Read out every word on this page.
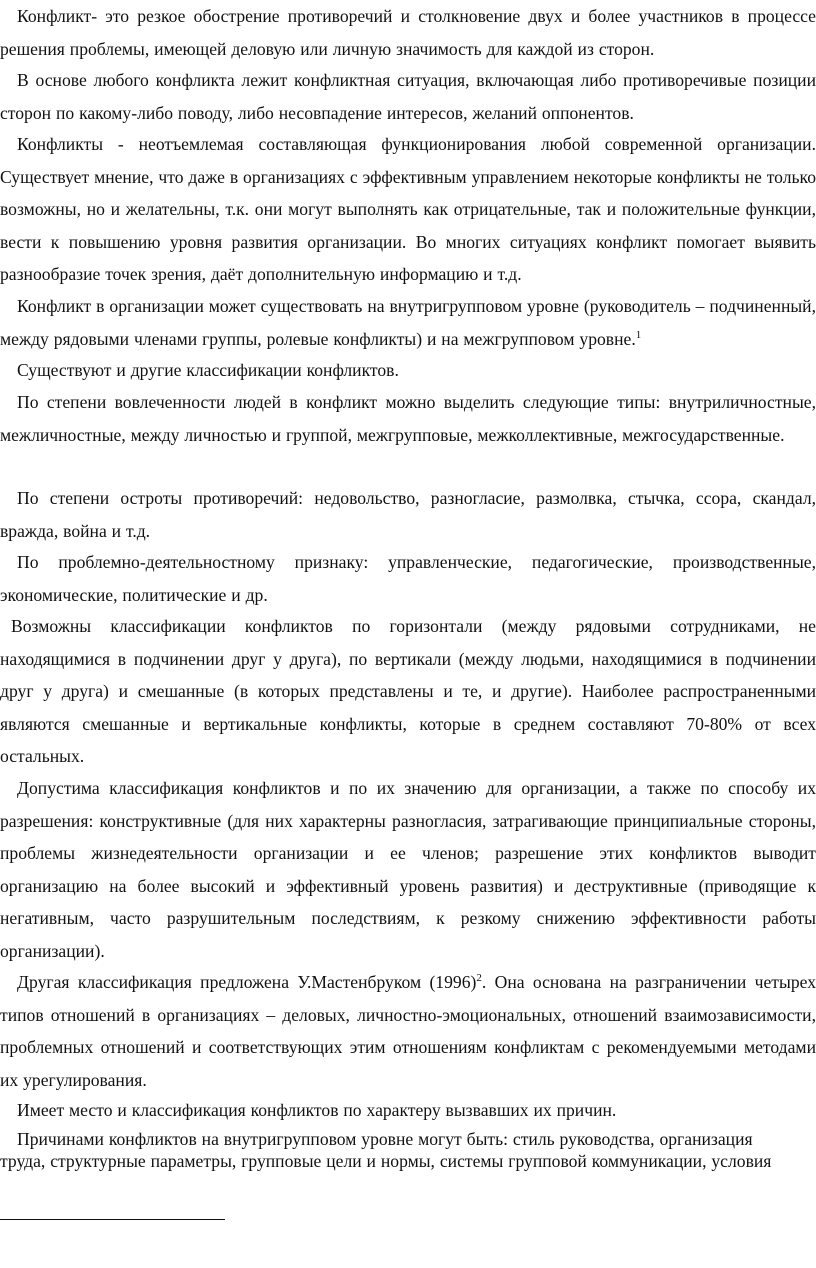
Конфликт- это резкое обострение противоречий и столкновение двух и более участников в процессе решения проблемы, имеющей деловую или личную значимость для каждой из сторон.

В основе любого конфликта лежит конфликтная ситуация, включающая либо противоречивые позиции сторон по какому-либо поводу, либо несовпадение интересов, желаний оппонентов.

Конфликты - неотъемлемая составляющая функционирования любой современной организации. Существует мнение, что даже в организациях с эффективным управлением некоторые конфликты не только возможны, но и желательны, т.к. они могут выполнять как отрицательные, так и положительные функции, вести к повышению уровня развития организации. Во многих ситуациях конфликт помогает выявить разнообразие точек зрения, даёт дополнительную информацию и т.д.

Конфликт в организации может существовать на внутригрупповом уровне (руководитель – подчиненный, между рядовыми членами группы, ролевые конфликты) и на межгрупповом уровне.$^1$

Существуют и другие классификации конфликтов.

По степени вовлеченности людей в конфликт можно выделить следующие типы: внутриличностные, межличностные, между личностью и группой, межгрупповые, межколлективные, межгосударственные.

По степени остроты противоречий: недовольство, разногласие, размолвка, стычка, ссора, скандал, вражда, война и т.д.

По проблемно-деятельностному признаку: управленческие, педагогические, производственные, экономические, политические и др.

Возможны классификации конфликтов по горизонтали (между рядовыми сотрудниками, не находящимися в подчинении друг у друга), по вертикали (между людьми, находящимися в подчинении друг у друга) и смешанные (в которых представлены и те, и другие). Наиболее распространенными являются смешанные и вертикальные конфликты, которые в среднем составляют 70-80% от всех остальных.

Допустима классификация конфликтов и по их значению для организации, а также по способу их разрешения: конструктивные (для них характерны разногласия, затрагивающие принципиальные стороны, проблемы жизнедеятельности организации и ее членов; разрешение этих конфликтов выводит организацию на более высокий и эффективный уровень развития) и деструктивные (приводящие к негативным, часто разрушительным последствиям, к резкому снижению эффективности работы организации).

Другая классификация предложена У.Мастенбруком $(1996)^2$. Она основана на разграничении четырех типов отношений в организациях – деловых, личностно-эмоциональных, отношений взаимозависимости, проблемных отношений и соответствующих этим отношениям конфликтам с рекомендуемыми методами их урегулирования.

Имеет место и классификация конфликтов по характеру вызвавших их причин.

Причинами конфликтов на внутригрупповом уровне могут быть: стиль руководства, организация труда, структурные параметры, групповые цели и нормы, системы групповой коммуникации, условия
